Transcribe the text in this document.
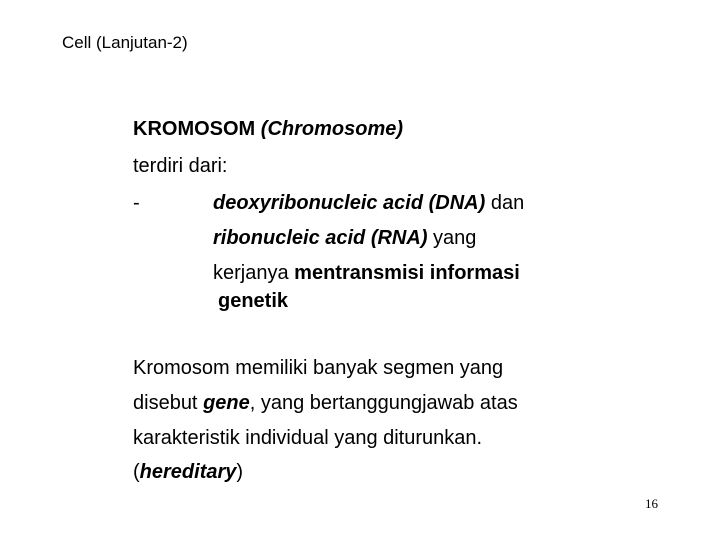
Cell (Lanjutan-2)
KROMOSOM (Chromosome)
terdiri dari:
-	deoxyribonucleic acid (DNA) dan
ribonucleic acid (RNA) yang
kerjanya mentransmisi informasi
genetik
Kromosom memiliki banyak segmen yang
disebut gene, yang bertanggungjawab atas
karakteristik individual yang diturunkan.
(hereditary)
16
